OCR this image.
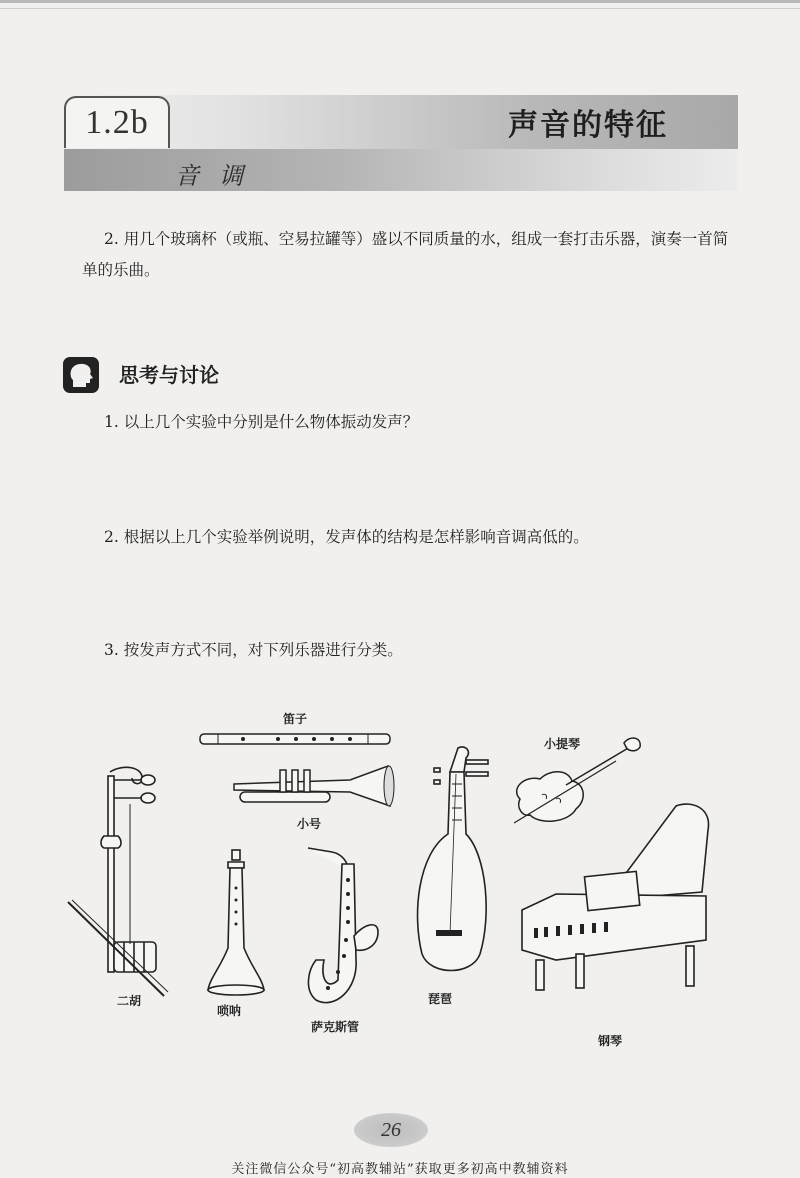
1.2b	声音的特征
音调
2. 用几个玻璃杯（或瓶、空易拉罐等）盛以不同质量的水，组成一套打击乐器，演奏一首简单的乐曲。
思考与讨论
1. 以上几个实验中分别是什么物体振动发声？
2. 根据以上几个实验举例说明，发声体的结构是怎样影响音调高低的。
3. 按发声方式不同，对下列乐器进行分类。
笛子
小号
小提琴
二胡
唢呐
萨克斯管
琵琶
钢琴
26
关注微信公众号“初高教辅站”获取更多初高中教辅资料
